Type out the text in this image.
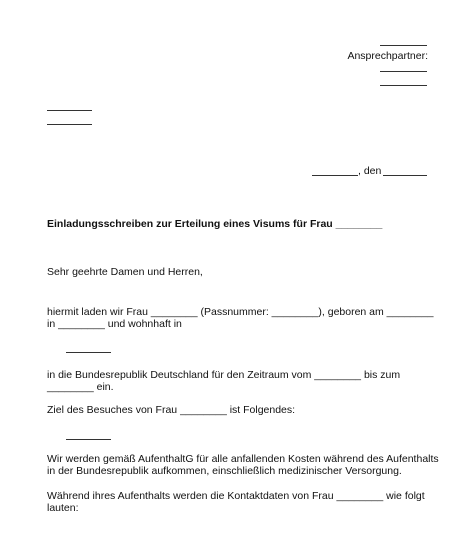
Ansprechpartner:
, den
Einladungsschreiben zur Erteilung eines Visums für Frau ________
Sehr geehrte Damen und Herren,
hiermit laden wir Frau ________ (Passnummer: ________), geboren am ________
in ________ und wohnhaft in
in die Bundesrepublik Deutschland für den Zeitraum vom ________ bis zum
________ ein.
Ziel des Besuches von Frau ________ ist Folgendes:
Wir werden gemäß AufenthaltG für alle anfallenden Kosten während des Aufenthalts
in der Bundesrepublik aufkommen, einschließlich medizinischer Versorgung.
Während ihres Aufenthalts werden die Kontaktdaten von Frau ________ wie folgt
lauten:
